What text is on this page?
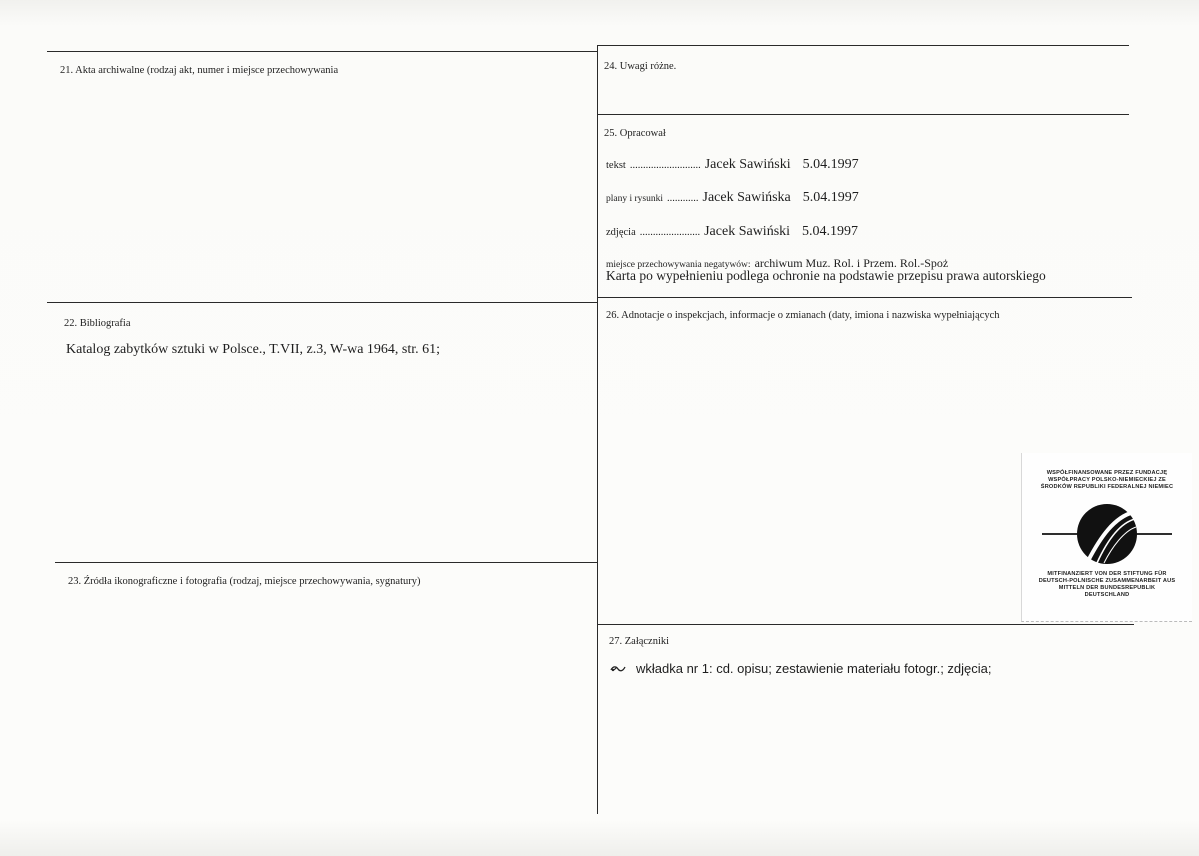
21. Akta archiwalne (rodzaj akt, numer i miejsce przechowywania
22. Bibliografia
Katalog zabytków sztuki w Polsce., T.VII, z.3, W-wa 1964, str. 61;
23. Źródła ikonograficzne i fotografia (rodzaj, miejsce przechowywania, sygnatury)
24. Uwagi różne.
25. Opracował
tekst ........................... Jacek Sawiński 5.04.1997
plany i rysunki ............ Jacek Sawińska 5.04.1997
zdjęcia ....................... Jacek Sawiński 5.04.1997
miejsce przechowywania negatywów: archiwum Muz. Rol. i Przem. Rol.-Spoż
Karta po wypełnieniu podlega ochronie na podstawie przepisu prawa autorskiego
26. Adnotacje o inspekcjach, informacje o zmianach (daty, imiona i nazwiska wypełniających
27. Załączniki
wkładka nr 1: cd. opisu; zestawienie materiału fotogr.; zdjęcia;
WSPÓŁFINANSOWANE PRZEZ FUNDACJĘ WSPÓŁPRACY POLSKO-NIEMIECKIEJ ZE ŚRODKÓW REPUBLIKI FEDERALNEJ NIEMIEC
MITFINANZIERT VON DER STIFTUNG FÜR DEUTSCH-POLNISCHE ZUSAMMENARBEIT AUS MITTELN DER BUNDESREPUBLIK DEUTSCHLAND
